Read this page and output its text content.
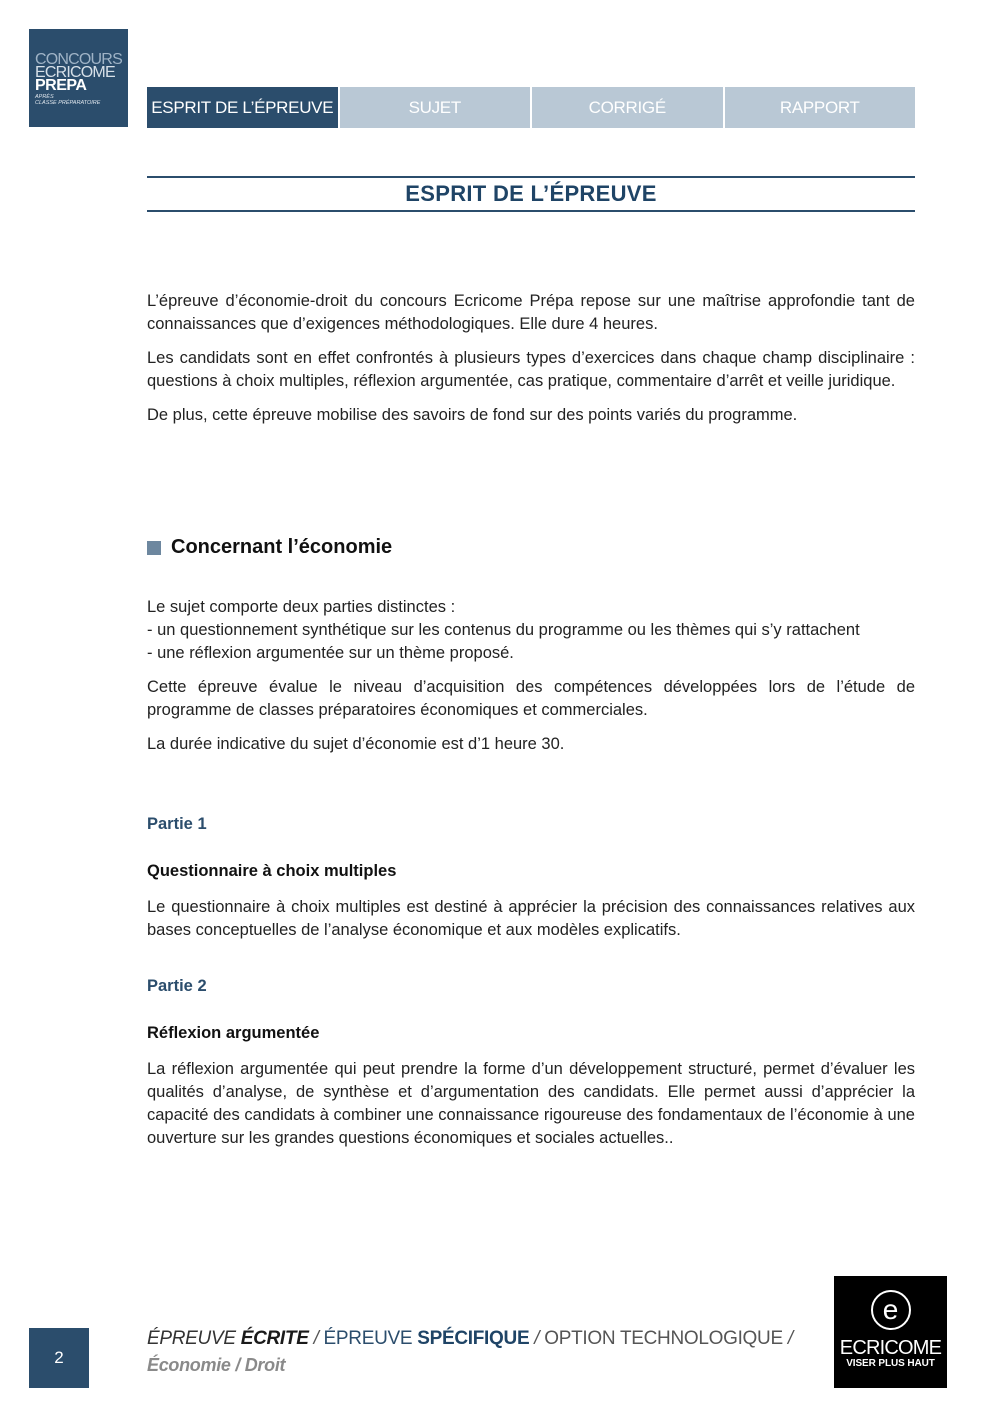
CONCOURS
ECRICOME
PREPA
APRÈS
CLASSE PRÉPARATOIRE	ESPRIT DE L’ÉPREUVE	SUJET	CORRIGÉ	RAPPORT
ESPRIT DE L’ÉPREUVE

L’épreuve d’économie-droit du concours Ecricome Prépa repose sur une maîtrise approfondie tant de connaissances que d’exigences méthodologiques. Elle dure 4 heures.

Les candidats sont en effet confrontés à plusieurs types d’exercices dans chaque champ disciplinaire : questions à choix multiples, réflexion argumentée, cas pratique, commentaire d’arrêt et veille juridique.

De plus, cette épreuve mobilise des savoirs de fond sur des points variés du programme.

Concernant l’économie

Le sujet comporte deux parties distinctes :

- un questionnement synthétique sur les contenus du programme ou les thèmes qui s’y rattachent

- une réflexion argumentée sur un thème proposé.

Cette épreuve évalue le niveau d’acquisition des compétences développées lors de l’étude de programme de classes préparatoires économiques et commerciales.

La durée indicative du sujet d’économie est d’1 heure 30.

Partie 1
Questionnaire à choix multiples

Le questionnaire à choix multiples est destiné à apprécier la précision des connaissances relatives aux bases conceptuelles de l’analyse économique et aux modèles explicatifs.

Partie 2
Réflexion argumentée

La réflexion argumentée qui peut prendre la forme d’un développement structuré, permet d’évaluer les qualités d’analyse, de synthèse et d’argumentation des candidats. Elle permet aussi d’apprécier la capacité des candidats à combiner une connaissance rigoureuse des fondamentaux de l’économie à une ouverture sur les grandes questions économiques et sociales actuelles..

2
ÉPREUVE ÉCRITE / ÉPREUVE SPÉCIFIQUE / OPTION TECHNOLOGIQUE /
Économie / Droit
e
ECRICOME
VISER PLUS HAUT
